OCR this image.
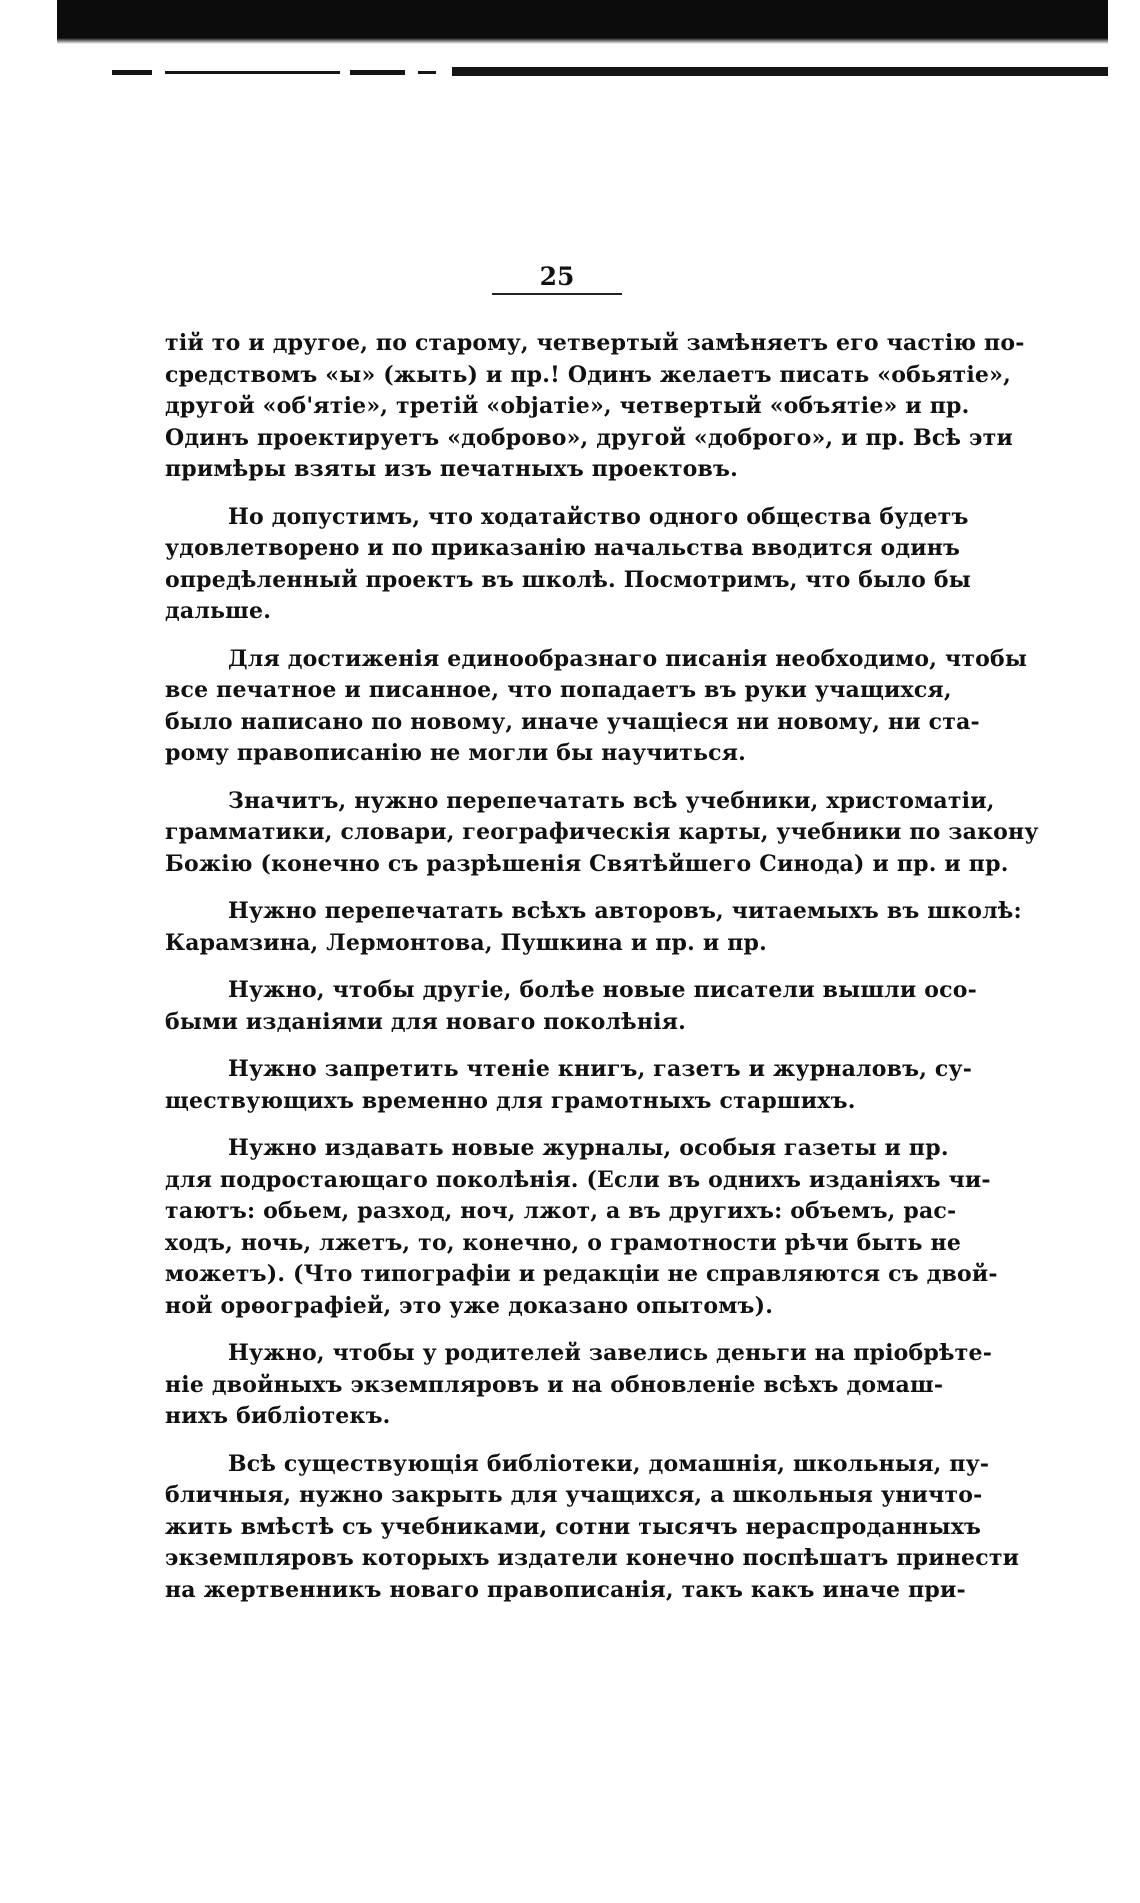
25
тій то и другое, по старому, четвертый замѣняетъ его частію по-
средствомъ «ы» (жыть) и пр.! Одинъ желаетъ писать «обьятіе»,
другой «об'ятіе», третій «objатіе», четвертый «объятіе» и пр.
Одинъ проектируетъ «доброво», другой «доброго», и пр. Всѣ эти
примѣры взяты изъ печатныхъ проектовъ.
Но допустимъ, что ходатайство одного общества будетъ
удовлетворено и по приказанію начальства вводится одинъ
опредѣленный проектъ въ школѣ. Посмотримъ, что было бы
дальше.
Для достиженія единообразнаго писанія необходимо, чтобы
все печатное и писанное, что попадаетъ въ руки учащихся,
было написано по новому, иначе учащіеся ни новому, ни ста-
рому правописанію не могли бы научиться.
Значитъ, нужно перепечатать всѣ учебники, христоматіи,
грамматики, словари, географическія карты, учебники по закону
Божію (конечно съ разрѣшенія Святѣйшего Синода) и пр. и пр.
Нужно перепечатать всѣхъ авторовъ, читаемыхъ въ школѣ:
Карамзина, Лермонтова, Пушкина и пр. и пр.
Нужно, чтобы другіе, болѣе новые писатели вышли осо-
быми изданіями для новаго поколѣнія.
Нужно запретить чтеніе книгъ, газетъ и журналовъ, су-
ществующихъ временно для грамотныхъ старшихъ.
Нужно издавать новые журналы, особыя газеты и пр.
для подростающаго поколѣнія. (Если въ однихъ изданіяхъ чи-
таютъ: обьем, разход, ноч, лжот, а въ другихъ: объемъ, рас-
ходъ, ночь, лжетъ, то, конечно, о грамотности рѣчи быть не
можетъ). (Что типографіи и редакціи не справляются съ двой-
ной орѳографіей, это уже доказано опытомъ).
Нужно, чтобы у родителей завелись деньги на пріобрѣте-
ніе двойныхъ экземпляровъ и на обновленіе всѣхъ домаш-
нихъ библіотекъ.
Всѣ существующія библіотеки, домашнія, школьныя, пу-
бличныя, нужно закрыть для учащихся, а школьныя уничто-
жить вмѣстѣ съ учебниками, сотни тысячъ нераспроданныхъ
экземпляровъ которыхъ издатели конечно поспѣшатъ принести
на жертвенникъ новаго правописанія, такъ какъ иначе при-
